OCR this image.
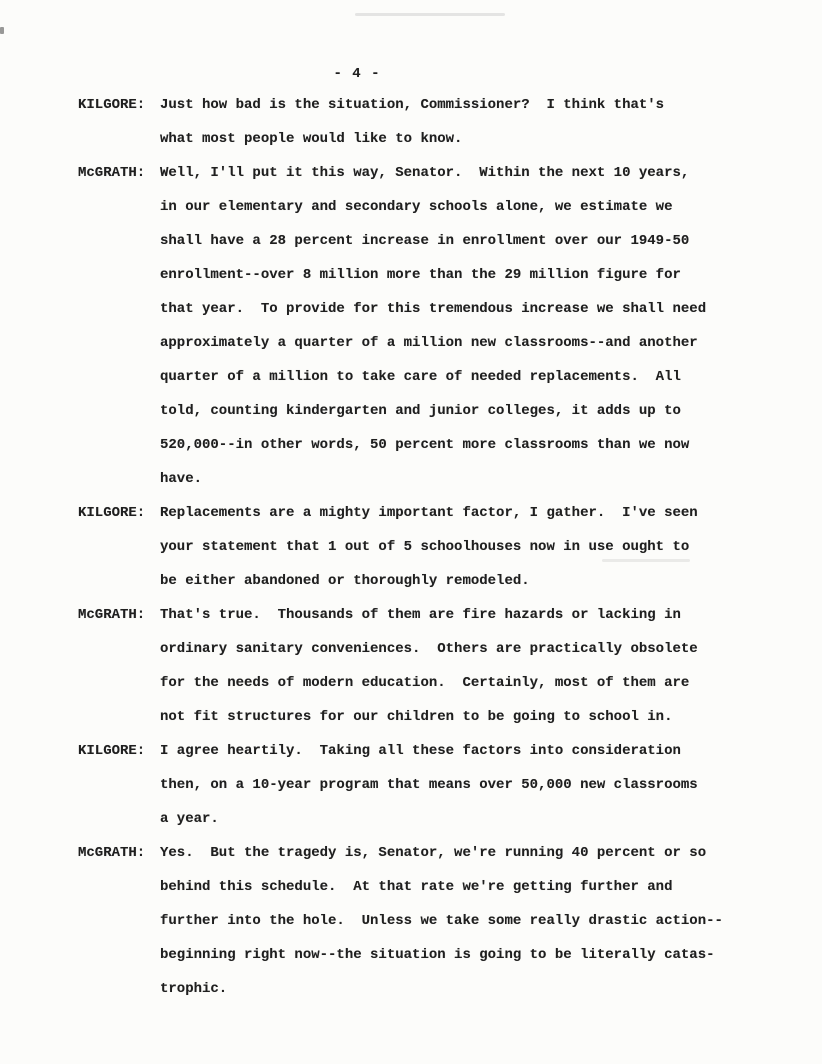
- 4 -
KILGORE: Just how bad is the situation, Commissioner?  I think that's
what most people would like to know.
McGRATH: Well, I'll put it this way, Senator.  Within the next 10 years,
in our elementary and secondary schools alone, we estimate we
shall have a 28 percent increase in enrollment over our 1949-50
enrollment--over 8 million more than the 29 million figure for
that year.  To provide for this tremendous increase we shall need
approximately a quarter of a million new classrooms--and another
quarter of a million to take care of needed replacements.  All
told, counting kindergarten and junior colleges, it adds up to
520,000--in other words, 50 percent more classrooms than we now
have.
KILGORE: Replacements are a mighty important factor, I gather.  I've seen
your statement that 1 out of 5 schoolhouses now in use ought to
be either abandoned or thoroughly remodeled.
McGRATH: That's true.  Thousands of them are fire hazards or lacking in
ordinary sanitary conveniences.  Others are practically obsolete
for the needs of modern education.  Certainly, most of them are
not fit structures for our children to be going to school in.
KILGORE: I agree heartily.  Taking all these factors into consideration
then, on a 10-year program that means over 50,000 new classrooms
a year.
McGRATH: Yes.  But the tragedy is, Senator, we're running 40 percent or so
behind this schedule.  At that rate we're getting further and
further into the hole.  Unless we take some really drastic action--
beginning right now--the situation is going to be literally catas-
trophic.
